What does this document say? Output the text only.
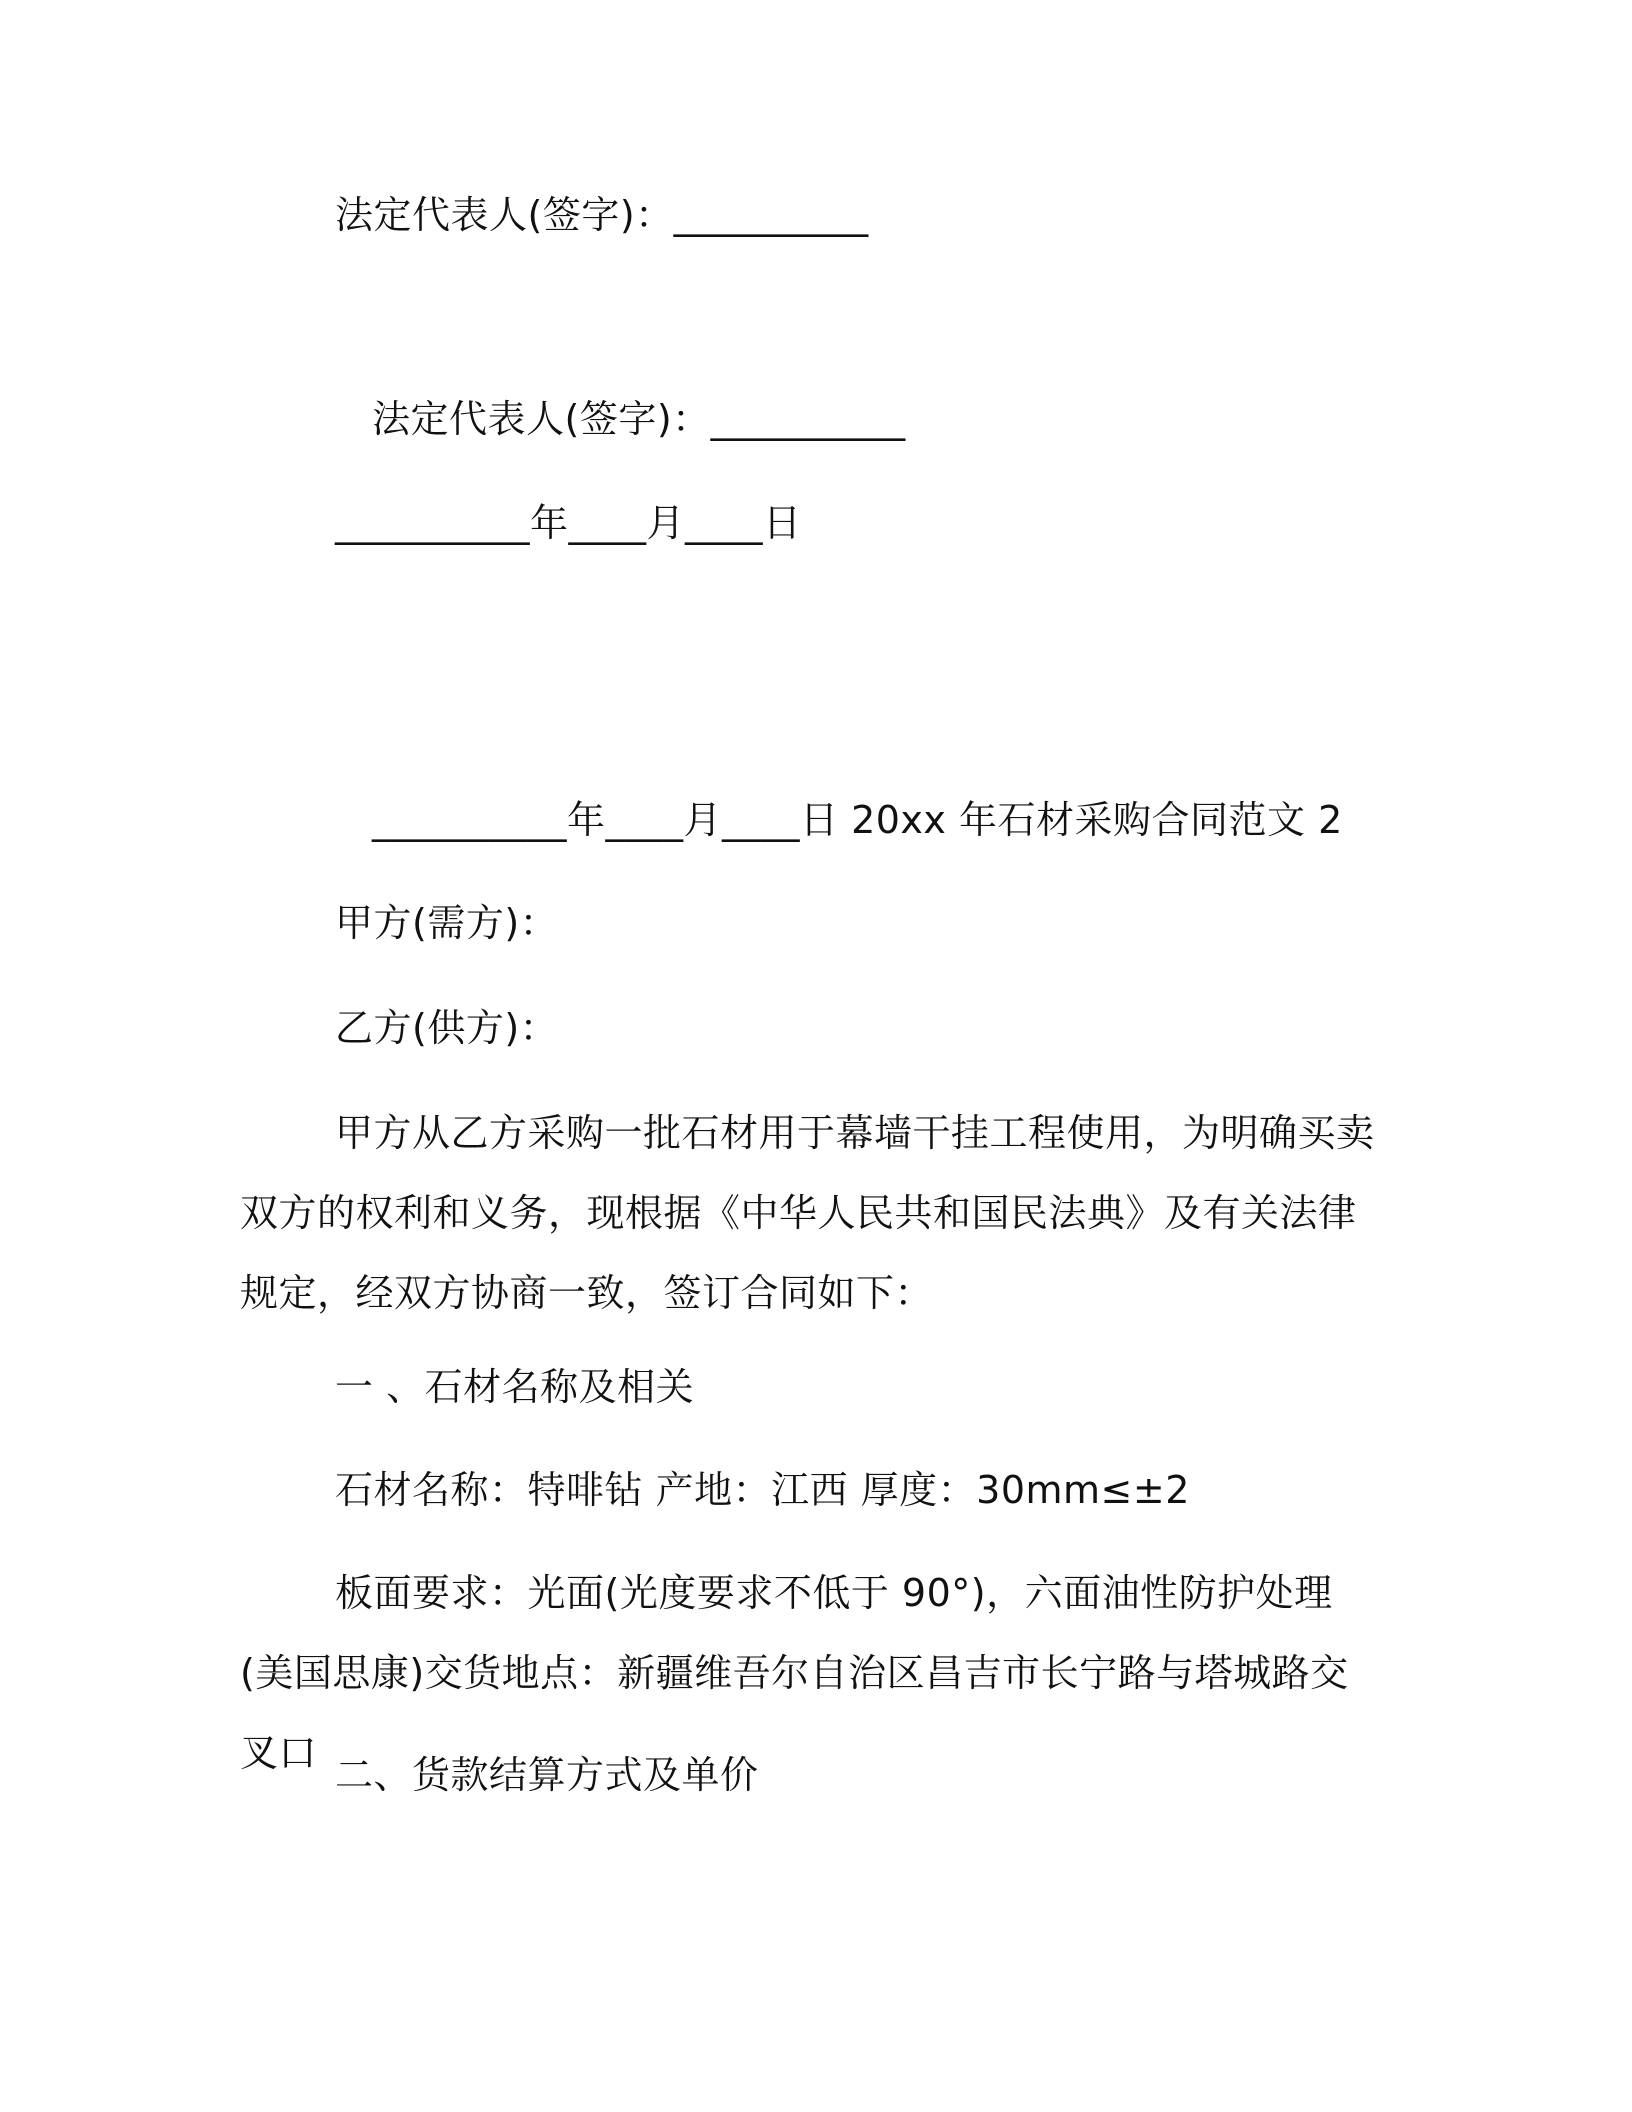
法定代表人(签字)：__________
法定代表人(签字)：__________
__________年____月____日
__________年____月____日 20xx 年石材采购合同范文 2
甲方(需方)：
乙方(供方)：
甲方从乙方采购一批石材用于幕墙干挂工程使用，为明确买卖双方的权利和义务，现根据《中华人民共和国民法典》及有关法律规定，经双方协商一致，签订合同如下：
一 、石材名称及相关
石材名称：特啡钻 产地：江西 厚度：30mm≤±2
板面要求：光面(光度要求不低于 90°)，六面油性防护处理(美国思康)交货地点：新疆维吾尔自治区昌吉市长宁路与塔城路交叉口 二、货款结算方式及单价
